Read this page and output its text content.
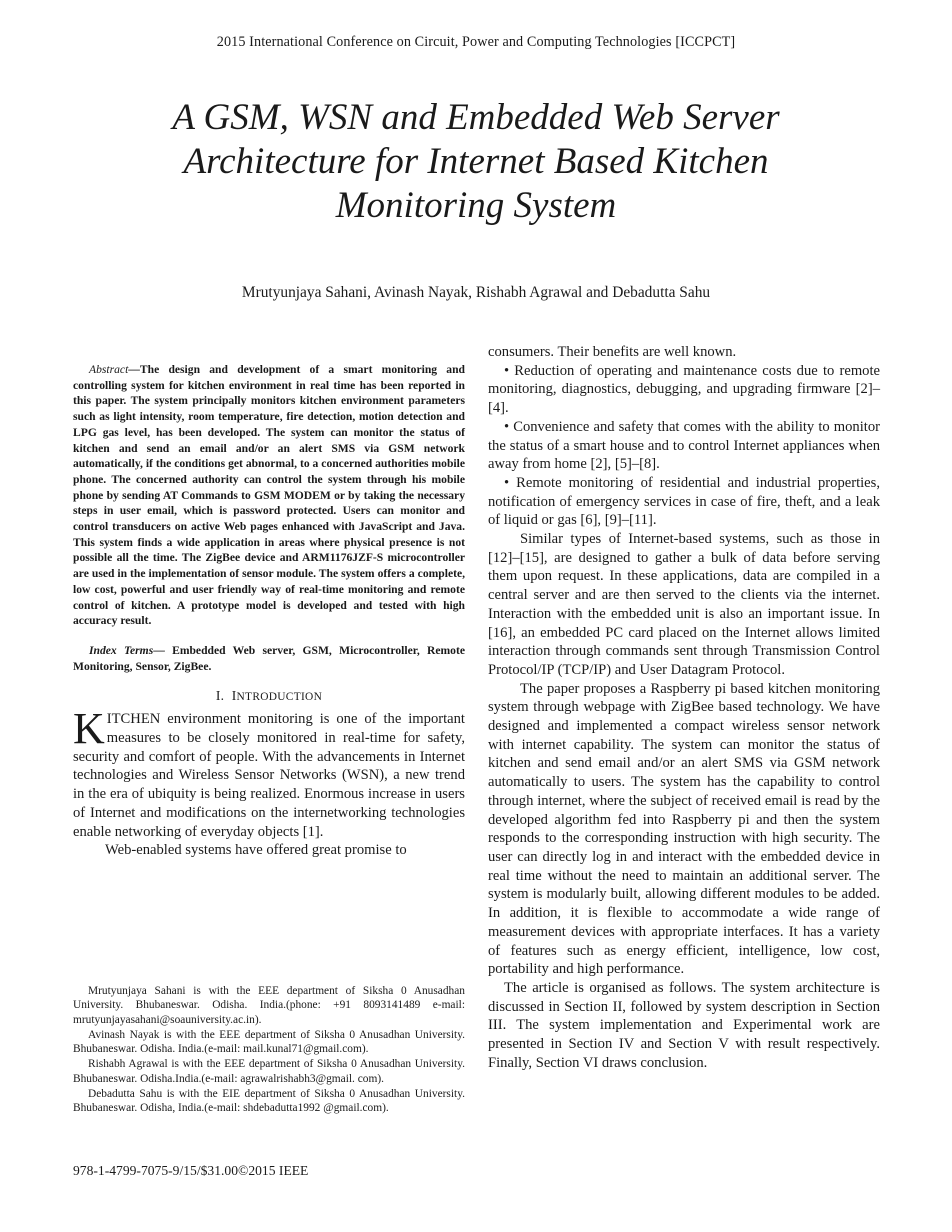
2015 International Conference on Circuit, Power and Computing Technologies [ICCPCT]
A GSM, WSN and Embedded Web Server Architecture for Internet Based Kitchen Monitoring System
Mrutyunjaya Sahani, Avinash Nayak, Rishabh Agrawal and Debadutta Sahu

Abstract—The design and development of a smart monitoring and controlling system for kitchen environment in real time has been reported in this paper. The system principally monitors kitchen environment parameters such as light intensity, room temperature, fire detection, motion detection and LPG gas level, has been developed. The system can monitor the status of kitchen and send an email and/or an alert SMS via GSM network automatically, if the conditions get abnormal, to a concerned authorities mobile phone. The concerned authority can control the system through his mobile phone by sending AT Commands to GSM MODEM or by taking the necessary steps in user email, which is password protected. Users can monitor and control transducers on active Web pages enhanced with JavaScript and Java. This system finds a wide application in areas where physical presence is not possible all the time. The ZigBee device and ARM1176JZF-S microcontroller are used in the implementation of sensor module. The system offers a complete, low cost, powerful and user friendly way of real-time monitoring and remote control of kitchen. A prototype model is developed and tested with high accuracy result.

Index Terms— Embedded Web server, GSM, Microcontroller, Remote Monitoring, Sensor, ZigBee.

I. INTRODUCTION

KITCHEN environment monitoring is one of the important measures to be closely monitored in real-time for safety, security and comfort of people. With the advancements in Internet technologies and Wireless Sensor Networks (WSN), a new trend in the era of ubiquity is being realized. Enormous increase in users of Internet and modifications on the internetworking technologies enable networking of everyday objects [1].

Web-enabled systems have offered great promise to

consumers. Their benefits are well known.

• Reduction of operating and maintenance costs due to remote monitoring, diagnostics, debugging, and upgrading firmware [2]–[4].

• Convenience and safety that comes with the ability to monitor the status of a smart house and to control Internet appliances when away from home [2], [5]–[8].

• Remote monitoring of residential and industrial properties, notification of emergency services in case of fire, theft, and a leak of liquid or gas [6], [9]–[11].

Similar types of Internet-based systems, such as those in [12]–[15], are designed to gather a bulk of data before serving them upon request. In these applications, data are compiled in a central server and are then served to the clients via the internet. Interaction with the embedded unit is also an important issue. In [16], an embedded PC card placed on the Internet allows limited interaction through commands sent through Transmission Control Protocol/IP (TCP/IP) and User Datagram Protocol.

The paper proposes a Raspberry pi based kitchen monitoring system through webpage with ZigBee based technology. We have designed and implemented a compact wireless sensor network with internet capability. The system can monitor the status of kitchen and send email and/or an alert SMS via GSM network automatically to users. The system has the capability to control through internet, where the subject of received email is read by the developed algorithm fed into Raspberry pi and then the system responds to the corresponding instruction with high security. The user can directly log in and interact with the embedded device in real time without the need to maintain an additional server. The system is modularly built, allowing different modules to be added. In addition, it is flexible to accommodate a wide range of measurement devices with appropriate interfaces. It has a variety of features such as energy efficient, intelligence, low cost, portability and high performance.

The article is organised as follows. The system architecture is discussed in Section II, followed by system description in Section III. The system implementation and Experimental work are presented in Section IV and Section V with result respectively. Finally, Section VI draws conclusion.

Mrutyunjaya Sahani is with the EEE department of Siksha 0 Anusadhan University. Bhubaneswar. Odisha. India.(phone: +91 8093141489 e-mail: mrutyunjayasahani@soauniversity.ac.in).

Avinash Nayak is with the EEE department of Siksha 0 Anusadhan University. Bhubaneswar. Odisha. India.(e-mail: mail.kunal71@gmail.com).

Rishabh Agrawal is with the EEE department of Siksha 0 Anusadhan University. Bhubaneswar. Odisha.India.(e-mail: agrawalrishabh3@gmail. com).

Debadutta Sahu is with the EIE department of Siksha 0 Anusadhan University. Bhubaneswar. Odisha, India.(e-mail: shdebadutta1992 @gmail.com).

978-1-4799-7075-9/15/$31.00©2015 IEEE
